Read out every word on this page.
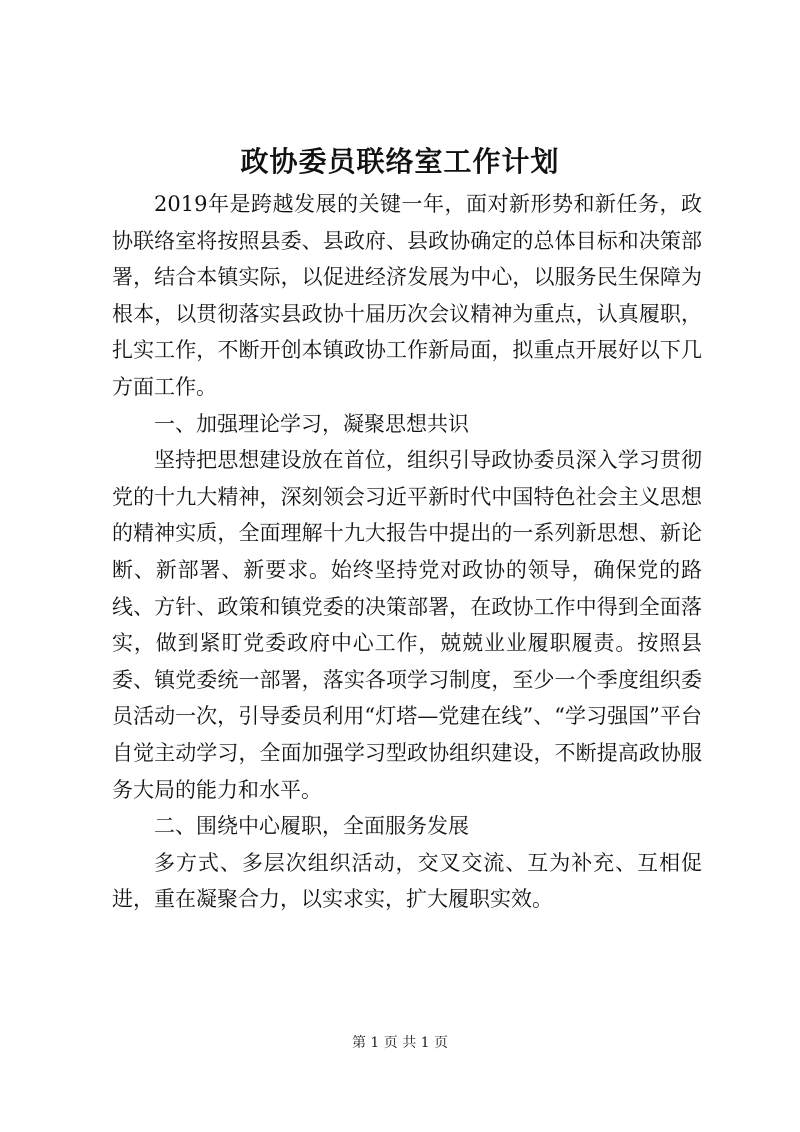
政协委员联络室工作计划

2019年是跨越发展的关键一年，面对新形势和新任务，政协联络室将按照县委、县政府、县政协确定的总体目标和决策部署，结合本镇实际，以促进经济发展为中心，以服务民生保障为根本，以贯彻落实县政协十届历次会议精神为重点，认真履职，扎实工作，不断开创本镇政协工作新局面，拟重点开展好以下几方面工作。

一、加强理论学习，凝聚思想共识

坚持把思想建设放在首位，组织引导政协委员深入学习贯彻党的十九大精神，深刻领会习近平新时代中国特色社会主义思想的精神实质，全面理解十九大报告中提出的一系列新思想、新论断、新部署、新要求。始终坚持党对政协的领导，确保党的路线、方针、政策和镇党委的决策部署，在政协工作中得到全面落实，做到紧盯党委政府中心工作，兢兢业业履职履责。按照县委、镇党委统一部署，落实各项学习制度，至少一个季度组织委员活动一次，引导委员利用“灯塔—党建在线”、“学习强国”平台自觉主动学习，全面加强学习型政协组织建设，不断提高政协服务大局的能力和水平。

二、围绕中心履职，全面服务发展

多方式、多层次组织活动，交叉交流、互为补充、互相促进，重在凝聚合力，以实求实，扩大履职实效。

第 1 页 共 1 页
